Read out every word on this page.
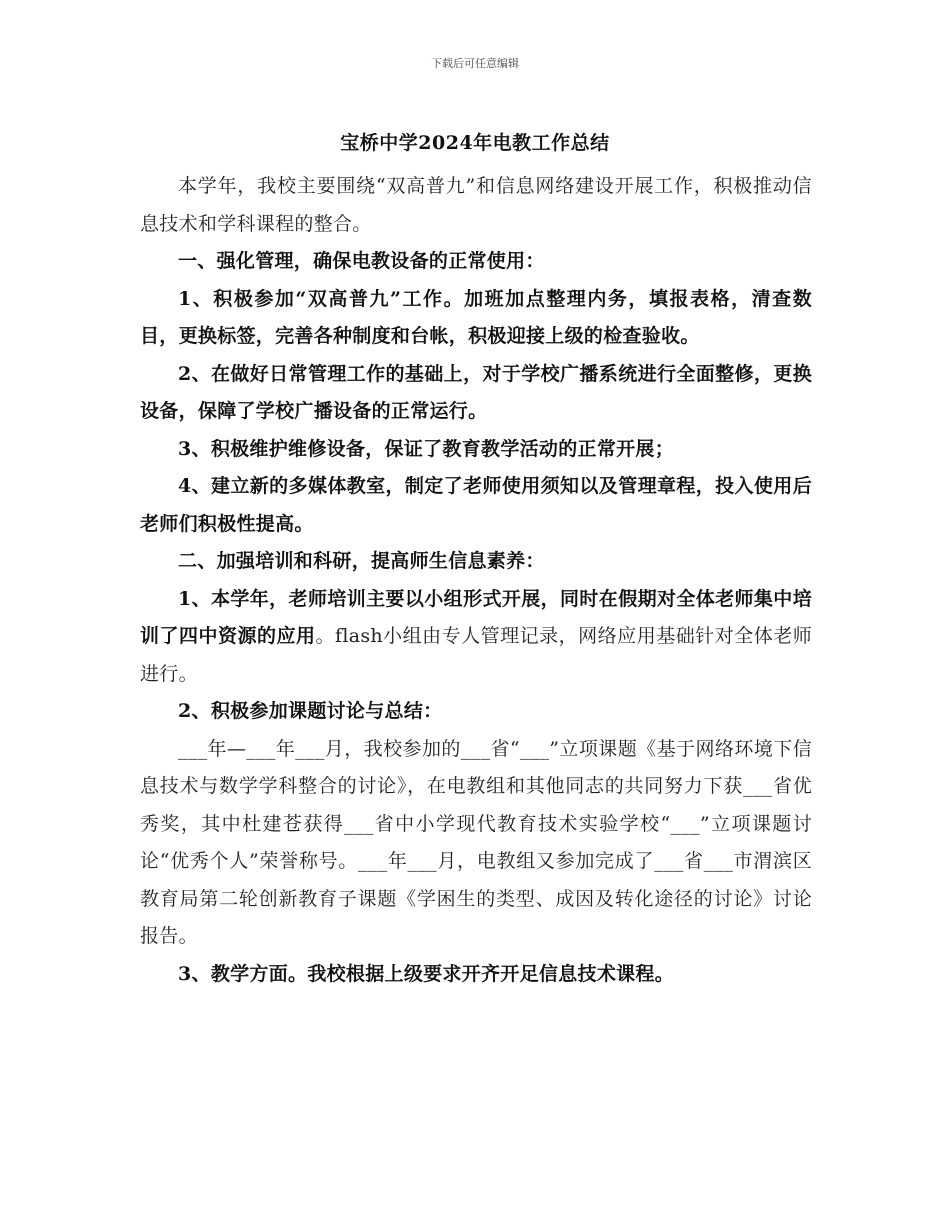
下载后可任意编辑
宝桥中学2024年电教工作总结

本学年，我校主要围绕“双高普九”和信息网络建设开展工作，积极推动信息技术和学科课程的整合。

一、强化管理，确保电教设备的正常使用：

1、积极参加“双高普九”工作。加班加点整理内务，填报表格，清查数目，更换标签，完善各种制度和台帐，积极迎接上级的检查验收。

2、在做好日常管理工作的基础上，对于学校广播系统进行全面整修，更换设备，保障了学校广播设备的正常运行。

3、积极维护维修设备，保证了教育教学活动的正常开展；

4、建立新的多媒体教室，制定了老师使用须知以及管理章程，投入使用后老师们积极性提高。

二、加强培训和科研，提高师生信息素养：

1、本学年，老师培训主要以小组形式开展，同时在假期对全体老师集中培训了四中资源的应用。flash小组由专人管理记录，网络应用基础针对全体老师进行。

2、积极参加课题讨论与总结：

___年—___年___月，我校参加的___省“___”立项课题《基于网络环境下信息技术与数学学科整合的讨论》，在电教组和其他同志的共同努力下获___省优秀奖，其中杜建苍获得___省中小学现代教育技术实验学校“___”立项课题讨论“优秀个人”荣誉称号。___年___月，电教组又参加完成了___省___市渭滨区教育局第二轮创新教育子课题《学困生的类型、成因及转化途径的讨论》讨论报告。

3、教学方面。我校根据上级要求开齐开足信息技术课程。
